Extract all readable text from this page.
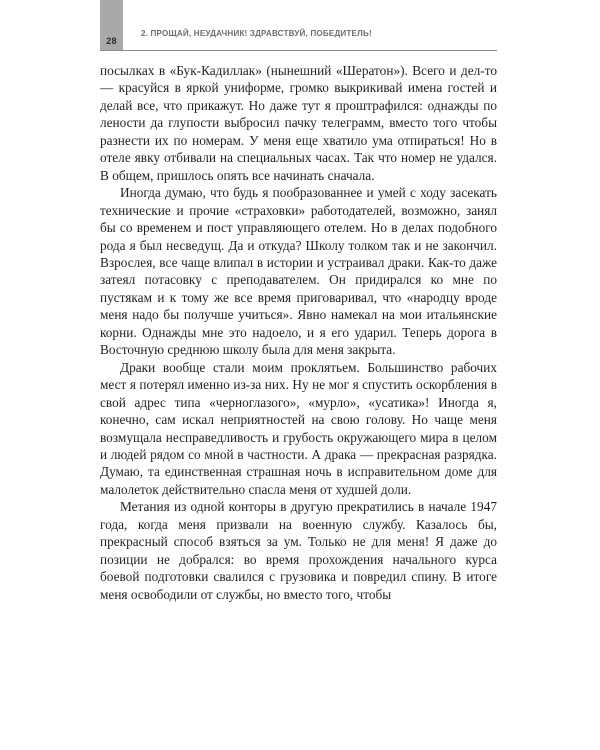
28
2. ПРОЩАЙ, НЕУДАЧНИК! ЗДРАВСТВУЙ, ПОБЕДИТЕЛЬ!

посылках в «Бук-Кадиллак» (нынешний «Шератон»). Всего и дел-то — красуйся в яркой униформе, громко выкрикивай имена гостей и делай все, что прикажут. Но даже тут я проштрафился: однажды по лености да глупости выбросил пачку телеграмм, вместо того чтобы разнести их по номерам. У меня еще хватило ума отпираться! Но в отеле явку отбивали на специальных часах. Так что номер не удался. В общем, пришлось опять все начинать сначала.

Иногда думаю, что будь я пообразованнее и умей с ходу засекать технические и прочие «страховки» работодателей, возможно, занял бы со временем и пост управляющего отелем. Но в делах подобного рода я был несведущ. Да и откуда? Школу толком так и не закончил. Взрослея, все чаще влипал в истории и устраивал драки. Как-то даже затеял потасовку с преподавателем. Он придирался ко мне по пустякам и к тому же все время приговаривал, что «народцу вроде меня надо бы получше учиться». Явно намекал на мои итальянские корни. Однажды мне это надоело, и я его ударил. Теперь дорога в Восточную среднюю школу была для меня закрыта.

Драки вообще стали моим проклятьем. Большинство рабочих мест я потерял именно из-за них. Ну не мог я спустить оскорбления в свой адрес типа «черноглазого», «мурло», «усатика»! Иногда я, конечно, сам искал неприятностей на свою голову. Но чаще меня возмущала несправедливость и грубость окружающего мира в целом и людей рядом со мной в частности. А драка — прекрасная разрядка. Думаю, та единственная страшная ночь в исправительном доме для малолеток действительно спасла меня от худшей доли.

Метания из одной конторы в другую прекратились в начале 1947 года, когда меня призвали на военную службу. Казалось бы, прекрасный способ взяться за ум. Только не для меня! Я даже до позиции не добрался: во время прохождения начального курса боевой подготовки свалился с грузовика и повредил спину. В итоге меня освободили от службы, но вместо того, чтобы
